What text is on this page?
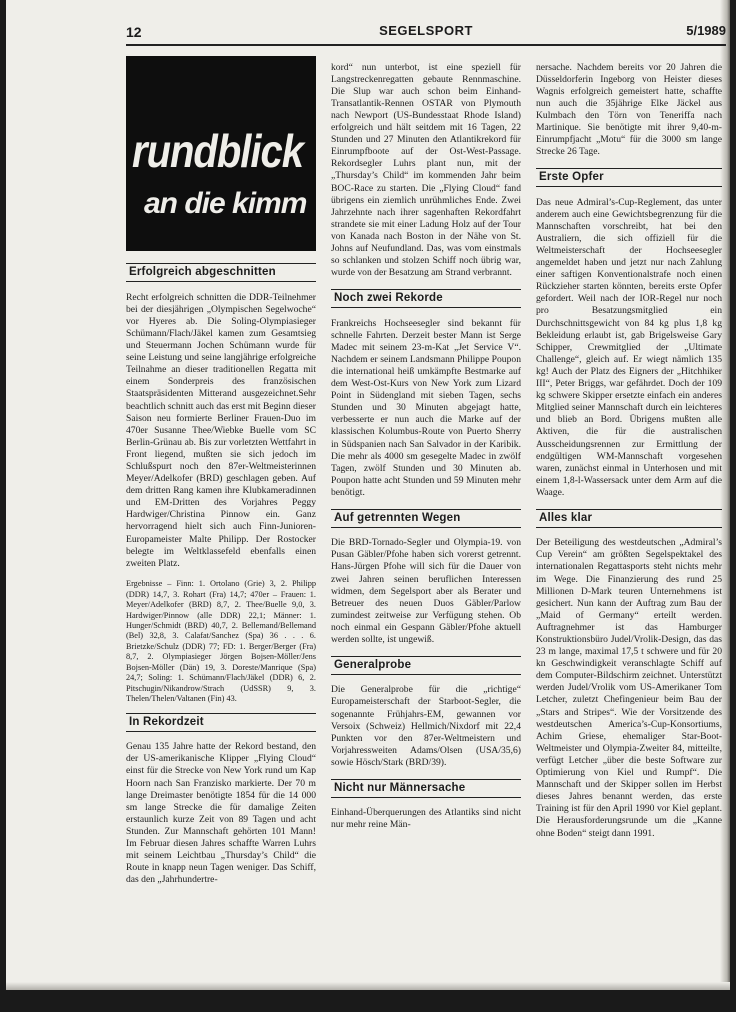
12	SEGELSPORT	5/1989
rundblick
an die kimm
Erfolgreich abgeschnitten

Recht erfolgreich schnitten die DDR-Teilnehmer bei der diesjährigen „Olympischen Segelwoche“ vor Hyeres ab. Die Soling-Olympiasieger Schümann/Flach/Jäkel kamen zum Gesamtsieg und Steuermann Jochen Schümann wurde für seine Leistung und seine langjährige erfolgreiche Teilnahme an dieser traditionellen Regatta mit einem Sonderpreis des französischen Staatspräsidenten Mitterand ausgezeichnet.Sehr beachtlich schnitt auch das erst mit Beginn dieser Saison neu formierte Berliner Frauen-Duo im 470er Susanne Thee/Wiebke Buelle vom SC Berlin-Grünau ab. Bis zur vorletzten Wettfahrt in Front liegend, mußten sie sich jedoch im Schlußspurt noch den 87er-Weltmeisterinnen Meyer/Adelkofer (BRD) geschlagen geben. Auf dem dritten Rang kamen ihre Klubkameradinnen und EM-Dritten des Vorjahres Peggy Hardwiger/Christina Pinnow ein. Ganz hervorragend hielt sich auch Finn-Junioren-Europameister Malte Philipp. Der Rostocker belegte im Weltklassefeld ebenfalls einen zweiten Platz.

Ergebnisse – Finn: 1. Ortolano (Grie) 3, 2. Philipp (DDR) 14,7, 3. Rohart (Fra) 14,7; 470er – Frauen: 1. Meyer/Adelkofer (BRD) 8,7, 2. Thee/Buelle 9,0, 3. Hardwiger/Pinnow (alle DDR) 22,1; Männer: 1. Hunger/Schmidt (BRD) 40,7, 2. Bellemand/Bellemand (Bel) 32,8, 3. Calafat/Sanchez (Spa) 36 . . . 6. Brietzke/Schulz (DDR) 77; FD: 1. Berger/Berger (Fra) 8,7, 2. Olympiasieger Jörgen Bojsen-Möller/Jens Bojsen-Möller (Dän) 19, 3. Doreste/Manrique (Spa) 24,7; Soling: 1. Schümann/Flach/Jäkel (DDR) 6, 2. Pitschugin/Nikandrow/Strach (UdSSR) 9, 3. Thelen/Thelen/Valtanen (Fin) 43.

In Rekordzeit

Genau 135 Jahre hatte der Rekord bestand, den der US-amerikanische Klipper „Flying Cloud“ einst für die Strecke von New York rund um Kap Hoorn nach San Franzisko markierte. Der 70 m lange Dreimaster benötigte 1854 für die 14 000 sm lange Strecke die für damalige Zeiten erstaunlich kurze Zeit von 89 Tagen und acht Stunden. Zur Mannschaft gehörten 101 Mann! Im Februar diesen Jahres schaffte Warren Luhrs mit seinem Leichtbau „Thursday’s Child“ die Route in knapp neun Tagen weniger. Das Schiff, das den „Jahrhundertre-

kord“ nun unterbot, ist eine speziell für Langstreckenregatten gebaute Rennmaschine. Die Slup war auch schon beim Einhand-Transatlantik-Rennen OSTAR von Plymouth nach Newport (US-Bundesstaat Rhode Island) erfolgreich und hält seitdem mit 16 Tagen, 22 Stunden und 27 Minuten den Atlantikrekord für Einrumpfboote auf der Ost-West-Passage. Rekordsegler Luhrs plant nun, mit der „Thursday’s Child“ im kommenden Jahr beim BOC-Race zu starten. Die „Flying Cloud“ fand übrigens ein ziemlich unrühmliches Ende. Zwei Jahrzehnte nach ihrer sagenhaften Rekordfahrt strandete sie mit einer Ladung Holz auf der Tour von Kanada nach Boston in der Nähe von St. Johns auf Neufundland. Das, was vom einstmals so schlanken und stolzen Schiff noch übrig war, wurde von der Besatzung am Strand verbrannt.

Noch zwei Rekorde

Frankreichs Hochseesegler sind bekannt für schnelle Fahrten. Derzeit bester Mann ist Serge Madec mit seinem 23-m-Kat „Jet Service V“. Nachdem er seinem Landsmann Philippe Poupon die international heiß umkämpfte Bestmarke auf dem West-Ost-Kurs von New York zum Lizard Point in Südengland mit sieben Tagen, sechs Stunden und 30 Minuten abgejagt hatte, verbesserte er nun auch die Marke auf der klassischen Kolumbus-Route von Puerto Sherry in Südspanien nach San Salvador in der Karibik. Die mehr als 4000 sm gesegelte Madec in zwölf Tagen, zwölf Stunden und 30 Minuten ab. Poupon hatte acht Stunden und 59 Minuten mehr benötigt.

Auf getrennten Wegen

Die BRD-Tornado-Segler und Olympia-19. von Pusan Gäbler/Pfohe haben sich vorerst getrennt. Hans-Jürgen Pfohe will sich für die Dauer von zwei Jahren seinen beruflichen Interessen widmen, dem Segelsport aber als Berater und Betreuer des neuen Duos Gäbler/Parlow zumindest zeitweise zur Verfügung stehen. Ob noch einmal ein Gespann Gäbler/Pfohe aktuell werden sollte, ist ungewiß.

Generalprobe

Die Generalprobe für die „richtige“ Europameisterschaft der Starboot-Segler, die sogenannte Frühjahrs-EM, gewannen vor Versoix (Schweiz) Hellmich/Nixdorf mit 22,4 Punkten vor den 87er-Weltmeistern und Vorjahressweiten Adams/Olsen (USA/35,6) sowie Hösch/Stark (BRD/39).

Nicht nur Männersache

Einhand-Überquerungen des Atlantiks sind nicht nur mehr reine Män-

nersache. Nachdem bereits vor 20 Jahren die Düsseldorferin Ingeborg von Heister dieses Wagnis erfolgreich gemeistert hatte, schaffte nun auch die 35jährige Elke Jäckel aus Kulmbach den Törn von Teneriffa nach Martinique. Sie benötigte mit ihrer 9,40-m-Einrumpfjacht „Motu“ für die 3000 sm lange Strecke 26 Tage.

Erste Opfer

Das neue Admiral’s-Cup-Reglement, das unter anderem auch eine Gewichtsbegrenzung für die Mannschaften vorschreibt, hat bei den Australiern, die sich offiziell für die Weltmeisterschaft der Hochseesegler angemeldet haben und jetzt nur nach Zahlung einer saftigen Konventionalstrafe noch einen Rückzieher starten könnten, bereits erste Opfer gefordert. Weil nach der IOR-Regel nur noch pro Besatzungsmitglied ein Durchschnittsgewicht von 84 kg plus 1,8 kg Bekleidung erlaubt ist, gab Brigelsweise Gary Schipper, Crewmitglied der „Ultimate Challenge“, gleich auf. Er wiegt nämlich 135 kg! Auch der Platz des Eigners der „Hitchhiker III“, Peter Briggs, war gefährdet. Doch der 109 kg schwere Skipper ersetzte einfach ein anderes Mitglied seiner Mannschaft durch ein leichteres und blieb an Bord. Übrigens mußten alle Aktiven, die für die australischen Ausscheidungsrennen zur Ermittlung der endgültigen WM-Mannschaft vorgesehen waren, zunächst einmal in Unterhosen und mit einem 1,8-l-Wassersack unter dem Arm auf die Waage.

Alles klar

Der Beteiligung des westdeutschen „Admiral’s Cup Verein“ am größten Segelspektakel des internationalen Regattasports steht nichts mehr im Wege. Die Finanzierung des rund 25 Millionen D-Mark teuren Unternehmens ist gesichert. Nun kann der Auftrag zum Bau der „Maid of Germany“ erteilt werden. Auftragnehmer ist das Hamburger Konstruktionsbüro Judel/Vrolik-Design, das das 23 m lange, maximal 17,5 t schwere und für 20 kn Geschwindigkeit veranschlagte Schiff auf dem Computer-Bildschirm zeichnet. Unterstützt werden Judel/Vrolik vom US-Amerikaner Tom Letcher, zuletzt Chefingenieur beim Bau der „Stars and Stripes“. Wie der Vorsitzende des westdeutschen America’s-Cup-Konsortiums, Achim Griese, ehemaliger Star-Boot-Weltmeister und Olympia-Zweiter 84, mitteilte, verfügt Letcher „über die beste Software zur Optimierung von Kiel und Rumpf“. Die Mannschaft und der Skipper sollen im Herbst dieses Jahres benannt werden, das erste Training ist für den April 1990 vor Kiel geplant. Die Herausforderungsrunde um die „Kanne ohne Boden“ steigt dann 1991.
